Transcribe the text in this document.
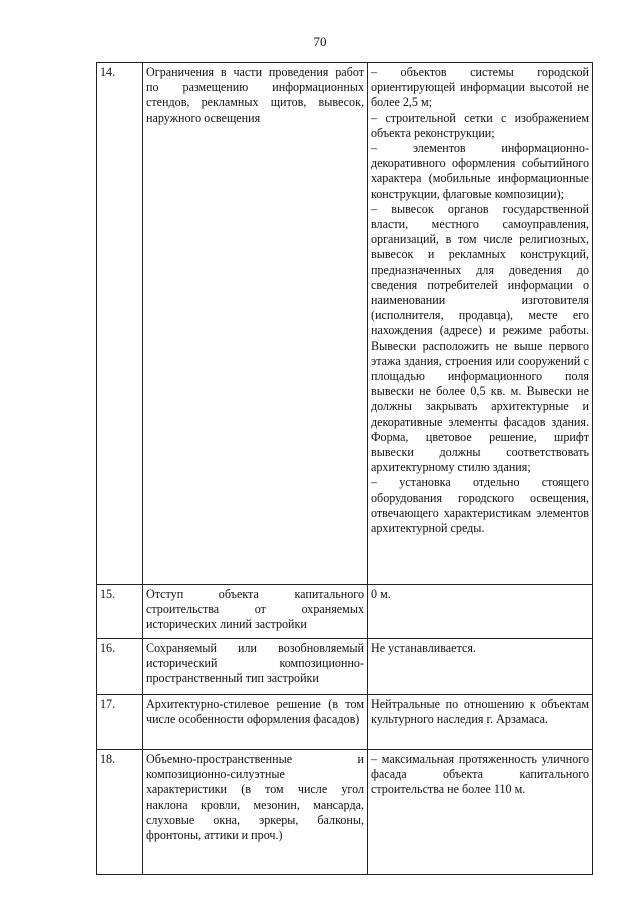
70
14.	Ограничения в части проведения работ по размещению информационных стендов, рекламных щитов, вывесок, наружного освещения	– объектов системы городской ориентирующей информации высотой не более 2,5 м;
– строительной сетки с изображением объекта реконструкции;
– элементов информационно-декоративного оформления событийного характера (мобильные информационные конструкции, флаговые композиции);
– вывесок органов государственной власти, местного самоуправления, организаций, в том числе религиозных, вывесок и рекламных конструкций, предназначенных для доведения до сведения потребителей информации о наименовании изготовителя (исполнителя, продавца), месте его нахождения (адресе) и режиме работы. Вывески расположить не выше первого этажа здания, строения или сооружений с площадью информационного поля вывески не более 0,5 кв. м. Вывески не должны закрывать архитектурные и декоративные элементы фасадов здания. Форма, цветовое решение, шрифт вывески должны соответствовать архитектурному стилю здания;
– установка отдельно стоящего оборудования городского освещения, отвечающего характеристикам элементов архитектурной среды.

15.	Отступ объекта капитального строительства от охраняемых исторических линий застройки	0 м.

16.	Сохраняемый или возобновляемый исторический композиционно-пространственный тип застройки	Не устанавливается.

17.	Архитектурно-стилевое решение (в том числе особенности оформления фасадов)	Нейтральные по отношению к объектам культурного наследия г. Арзамаса.

18.	Объемно-пространственные и композиционно-силуэтные характеристики (в том числе угол наклона кровли, мезонин, мансарда, слуховые окна, эркеры, балконы, фронтоны, аттики и проч.)	– максимальная протяженность уличного фасада объекта капитального строительства не более 110 м.
